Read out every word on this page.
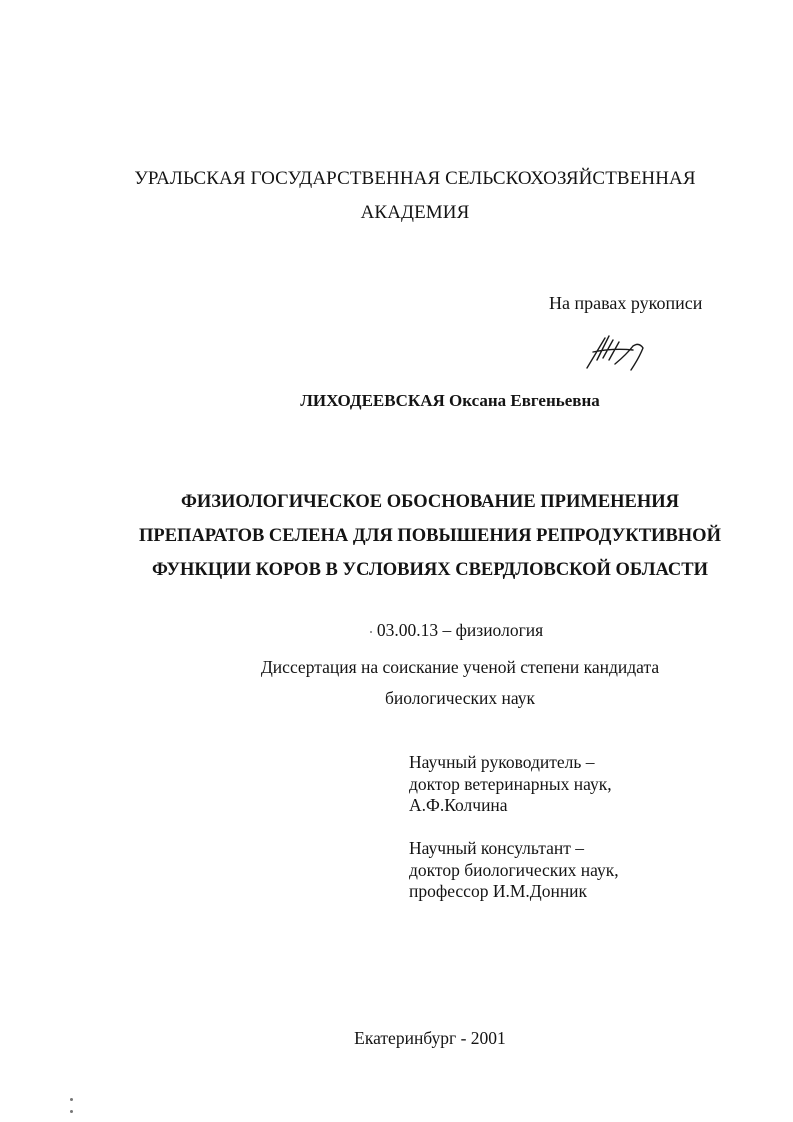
УРАЛЬСКАЯ ГОСУДАРСТВЕННАЯ СЕЛЬСКОХОЗЯЙСТВЕННАЯ
АКАДЕМИЯ
На правах рукописи
ЛИХОДЕЕВСКАЯ Оксана Евгеньевна
ФИЗИОЛОГИЧЕСКОЕ ОБОСНОВАНИЕ ПРИМЕНЕНИЯ
ПРЕПАРАТОВ СЕЛЕНА ДЛЯ ПОВЫШЕНИЯ РЕПРОДУКТИВНОЙ
ФУНКЦИИ КОРОВ В УСЛОВИЯХ СВЕРДЛОВСКОЙ ОБЛАСТИ
03.00.13 – физиология
Диссертация на соискание ученой степени кандидата
биологических наук
Научный руководитель –
доктор ветеринарных наук,
А.Ф.Колчина
Научный консультант –
доктор биологических наук,
профессор И.М.Донник
Екатеринбург - 2001
